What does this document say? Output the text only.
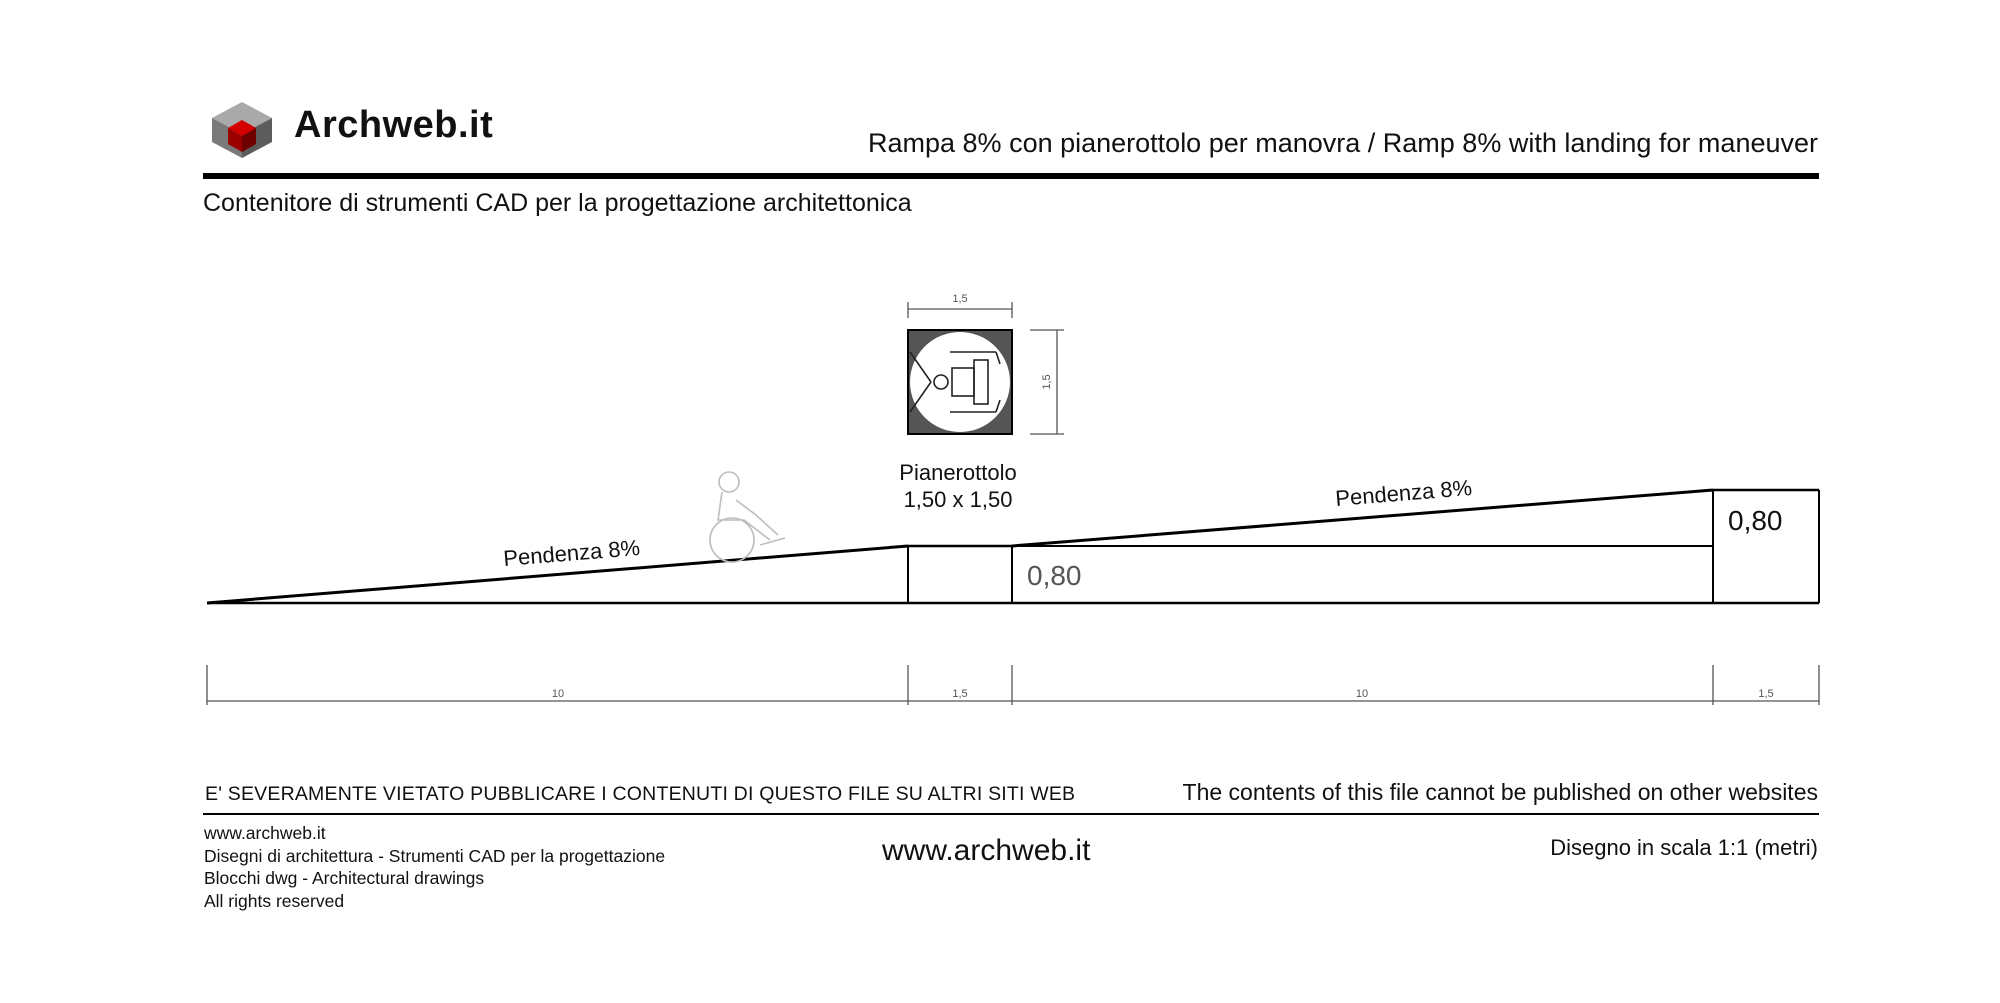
Archweb.it	Rampa 8% con pianerottolo per manovra / Ramp 8% with landing for maneuver
Contenitore di strumenti CAD per la progettazione architettonica
1,5
1,5
Pianerottolo
1,50 x 1,50
Pendenza 8%
Pendenza 8%
0,80
0,80
10	1,5	10	1,5
E' SEVERAMENTE VIETATO PUBBLICARE I CONTENUTI DI QUESTO FILE SU ALTRI SITI WEB	The contents of this file cannot be published on other websites
www.archweb.it
Disegni di architettura - Strumenti CAD per la progettazione
Blocchi dwg - Architectural drawings
All rights reserved
www.archweb.it	Disegno in scala 1:1 (metri)
